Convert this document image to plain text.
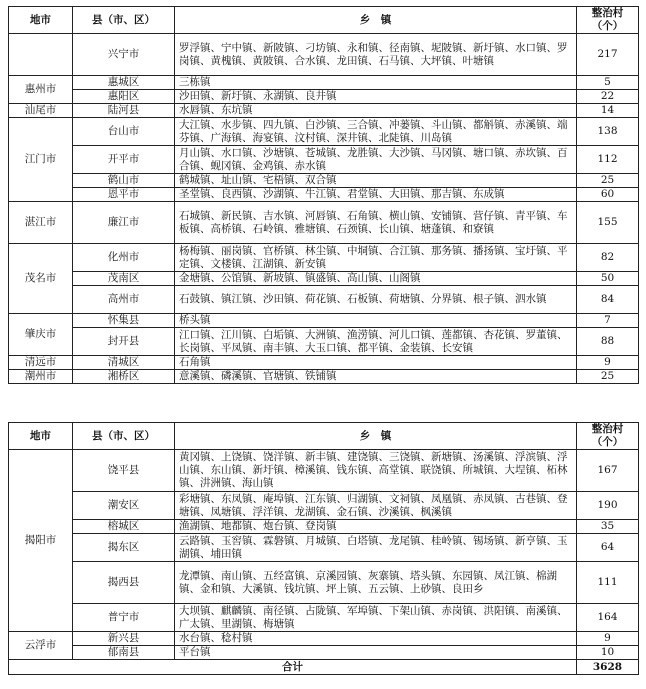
地市	县（市、区）	乡　镇	整治村
（个）

	兴宁市	罗浮镇、宁中镇、新陂镇、刁坊镇、永和镇、径南镇、坭陂镇、新圩镇、水口镇、罗岗镇、黄槐镇、黄陂镇、合水镇、龙田镇、石马镇、大坪镇、叶塘镇	217
惠州市	惠城区	三栋镇	5
	惠阳区	沙田镇、新圩镇、永湖镇、良井镇	22
汕尾市	陆河县	水唇镇、东坑镇	14
江门市	台山市	大江镇、水步镇、四九镇、白沙镇、三合镇、冲蒌镇、斗山镇、都斛镇、赤溪镇、端芬镇、广海镇、海宴镇、汶村镇、深井镇、北陡镇、川岛镇	138
	开平市	月山镇、水口镇、沙塘镇、苍城镇、龙胜镇、大沙镇、马冈镇、塘口镇、赤坎镇、百合镇、蚬冈镇、金鸡镇、赤水镇	112
	鹤山市	鹤城镇、址山镇、宅梧镇、双合镇	25
	恩平市	圣堂镇、良西镇、沙湖镇、牛江镇、君堂镇、大田镇、那吉镇、东成镇	60
湛江市	廉江市	石城镇、新民镇、吉水镇、河唇镇、石角镇、横山镇、安铺镇、营仔镇、青平镇、车板镇、高桥镇、石岭镇、雅塘镇、石颈镇、长山镇、塘蓬镇、和寮镇	155
茂名市	化州市	杨梅镇、丽岗镇、官桥镇、林尘镇、中垌镇、合江镇、那务镇、播扬镇、宝圩镇、平定镇、文楼镇、江湖镇、新安镇	82
	茂南区	金塘镇、公馆镇、新坡镇、镇盛镇、高山镇、山阁镇	50
	高州市	石鼓镇、镇江镇、沙田镇、荷花镇、石板镇、荷塘镇、分界镇、根子镇、泗水镇	84
肇庆市	怀集县	桥头镇	7
	封开县	江口镇、江川镇、白垢镇、大洲镇、渔涝镇、河儿口镇、莲都镇、杏花镇、罗董镇、长岗镇、平凤镇、南丰镇、大玉口镇、都平镇、金装镇、长安镇	88
清远市	清城区	石角镇	9
潮州市	湘桥区	意溪镇、磷溪镇、官塘镇、铁铺镇	25
地市	县（市、区）	乡　镇	整治村
（个）

揭阳市	饶平县	黄冈镇、上饶镇、饶洋镇、新丰镇、建饶镇、三饶镇、新塘镇、汤溪镇、浮滨镇、浮山镇、东山镇、新圩镇、樟溪镇、钱东镇、高堂镇、联饶镇、所城镇、大埕镇、柘林镇、汫洲镇、海山镇	167
	潮安区	彩塘镇、东凤镇、庵埠镇、江东镇、归湖镇、文祠镇、凤凰镇、赤凤镇、古巷镇、登塘镇、凤塘镇、浮洋镇、龙湖镇、金石镇、沙溪镇、枫溪镇	190
	榕城区	渔湖镇、地都镇、炮台镇、登岗镇	35
	揭东区	云路镇、玉窖镇、霖磐镇、月城镇、白塔镇、龙尾镇、桂岭镇、锡场镇、新亨镇、玉湖镇、埔田镇	64
	揭西县	龙潭镇、南山镇、五经富镇、京溪园镇、灰寨镇、塔头镇、东园镇、凤江镇、棉湖镇、金和镇、大溪镇、钱坑镇、坪上镇、五云镇、上砂镇、良田乡	111
	普宁市	大坝镇、麒麟镇、南径镇、占陇镇、军埠镇、下架山镇、赤岗镇、洪阳镇、南溪镇、广太镇、里湖镇、梅塘镇	164
云浮市	新兴县	水台镇、稔村镇	9
	郁南县	平台镇	10
合计			3628
